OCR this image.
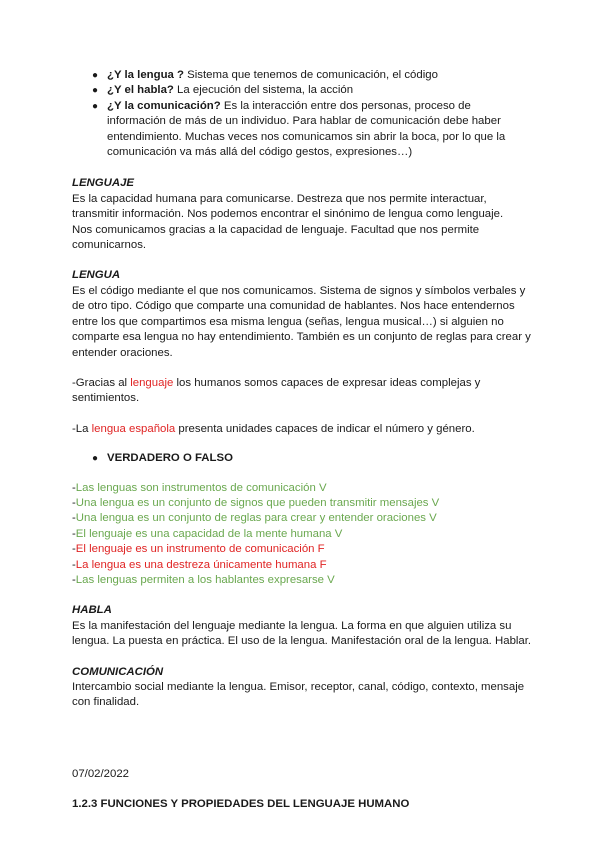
● ¿Y la lengua ? Sistema que tenemos de comunicación, el código
● ¿Y el habla? La ejecución del sistema, la acción
● ¿Y la comunicación? Es la interacción entre dos personas, proceso de información de más de un individuo. Para hablar de comunicación debe haber entendimiento. Muchas veces nos comunicamos sin abrir la boca, por lo que la comunicación va más allá del código gestos, expresiones…)
LENGUAJE

Es la capacidad humana para comunicarse. Destreza que nos permite interactuar, transmitir información. Nos podemos encontrar el sinónimo de lengua como lenguaje.

Nos comunicamos gracias a la capacidad de lenguaje. Facultad que nos permite comunicarnos.

LENGUA

Es el código mediante el que nos comunicamos. Sistema de signos y símbolos verbales y de otro tipo. Código que comparte una comunidad de hablantes. Nos hace entendernos entre los que compartimos esa misma lengua (señas, lengua musical…) si alguien no comparte esa lengua no hay entendimiento. También es un conjunto de reglas para crear y entender oraciones.

-Gracias al lenguaje los humanos somos capaces de expresar ideas complejas y sentimientos.

-La lengua española presenta unidades capaces de indicar el número y género.

● VERDADERO O FALSO

-Las lenguas son instrumentos de comunicación V

-Una lengua es un conjunto de signos que pueden transmitir mensajes V

-Una lengua es un conjunto de reglas para crear y entender oraciones V

-El lenguaje es una capacidad de la mente humana V

-El lenguaje es un instrumento de comunicación F

-La lengua es una destreza únicamente humana F

-Las lenguas permiten a los hablantes expresarse V

HABLA

Es la manifestación del lenguaje mediante la lengua. La forma en que alguien utiliza su lengua. La puesta en práctica. El uso de la lengua. Manifestación oral de la lengua. Hablar.

COMUNICACIÓN

Intercambio social mediante la lengua. Emisor, receptor, canal, código, contexto, mensaje con finalidad.

07/02/2022
1.2.3 FUNCIONES Y PROPIEDADES DEL LENGUAJE HUMANO
